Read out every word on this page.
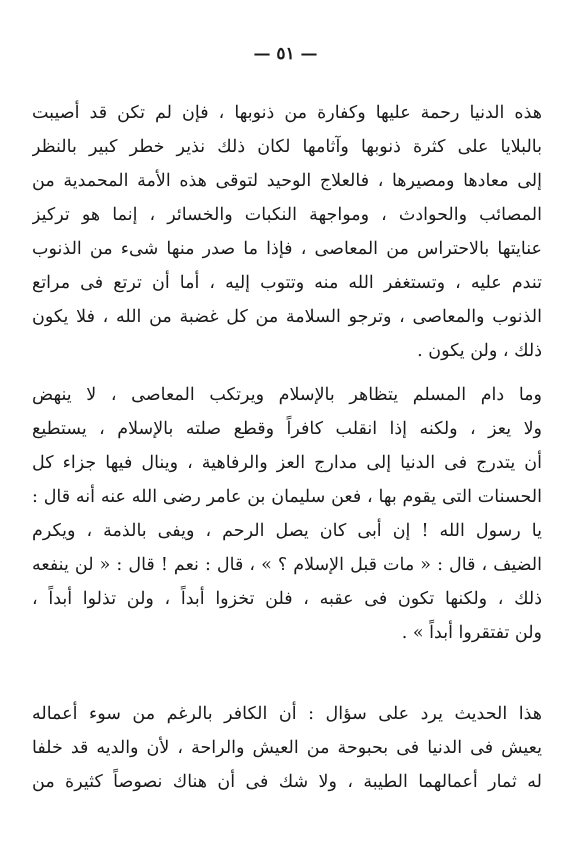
— ٥١ —
هذه الدنيا رحمة عليها وكفارة من ذنوبها ، فإن لم تكن قد أصيبت
بالبلايا على كثرة ذنوبها وآثامها لكان ذلك نذير خطر كبير بالنظر
إلى معادها ومصيرها ، فالعلاج الوحيد لتوقى هذه الأمة المحمدية من
المصائب والحوادث ، ومواجهة النكبات والخسائر ، إنما هو تركيز
عنايتها بالاحتراس من المعاصى ، فإذا ما صدر منها شىء من الذنوب
تندم عليه ، وتستغفر الله منه وتتوب إليه ، أما أن ترتع فى مراتع
الذنوب والمعاصى ، وترجو السلامة من كل غضبة من الله ، فلا يكون
ذلك ، ولن يكون .
وما دام المسلم يتظاهر بالإسلام ويرتكب المعاصى ، لا ينهض
ولا يعز ، ولكنه إذا انقلب كافراً وقطع صلته بالإسلام ، يستطيع
أن يتدرج فى الدنيا إلى مدارج العز والرفاهية ، وينال فيها جزاء كل
الحسنات التى يقوم بها ، فعن سليمان بن عامر رضى الله عنه أنه قال :
يا رسول الله ! إن أبى كان يصل الرحم ، ويفى بالذمة ، ويكرم
الضيف ، قال : « مات قبل الإسلام ؟ » ، قال : نعم ! قال : « لن ينفعه
ذلك ، ولكنها تكون فى عقبه ، فلن تخزوا أبداً ، ولن تذلوا أبداً ،
ولن تفتقروا أبداً » .
هذا الحديث يرد على سؤال : أن الكافر بالرغم من سوء أعماله
يعيش فى الدنيا فى بحبوحة من العيش والراحة ، لأن والديه قد خلفا
له ثمار أعمالهما الطيبة ، ولا شك فى أن هناك نصوصاً كثيرة من
